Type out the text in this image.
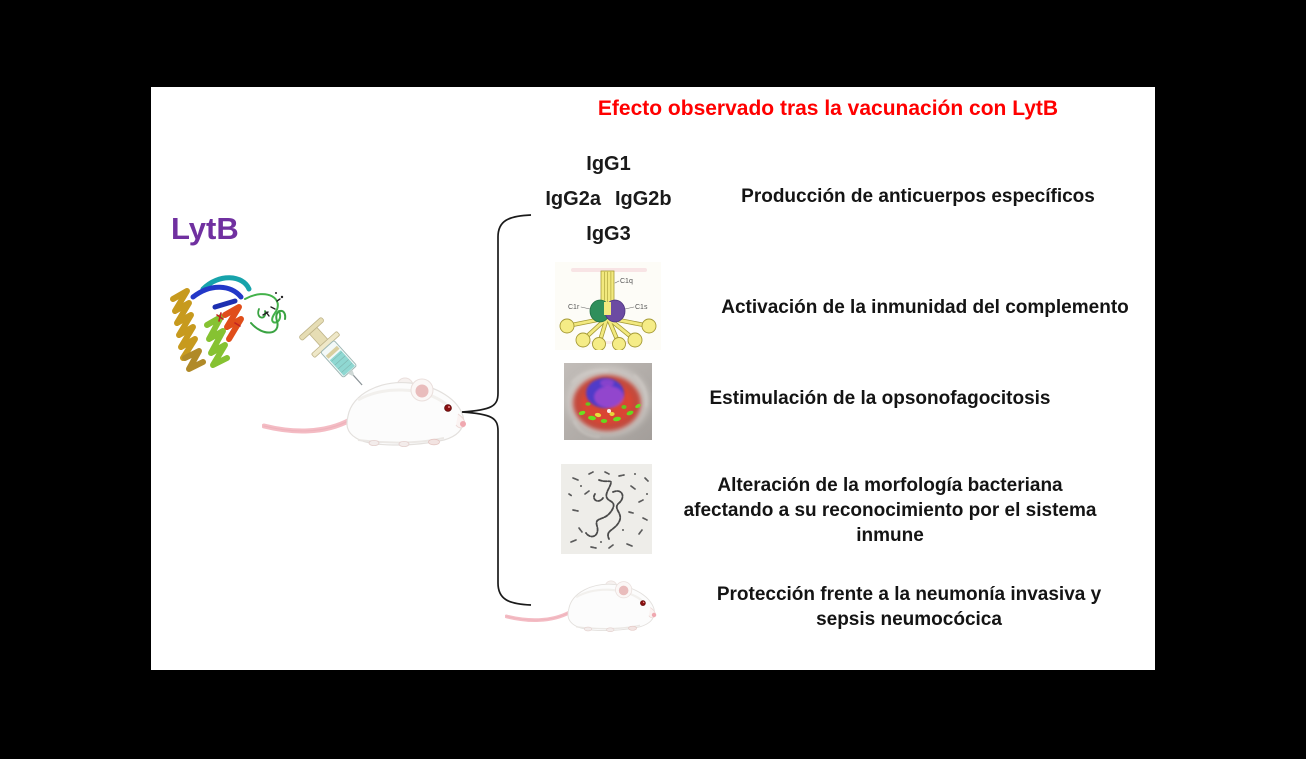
Efecto observado tras la vacunación con LytB
LytB
IgG1
IgG2a IgG2b
IgG3
C1q
C1r	C1s
Producción de anticuerpos específicos
Activación de la inmunidad del complemento
Estimulación de la opsonofagocitosis
Alteración de la morfología bacteriana
afectando a su reconocimiento por el sistema
inmune
Protección frente a la neumonía invasiva y
sepsis neumocócica
